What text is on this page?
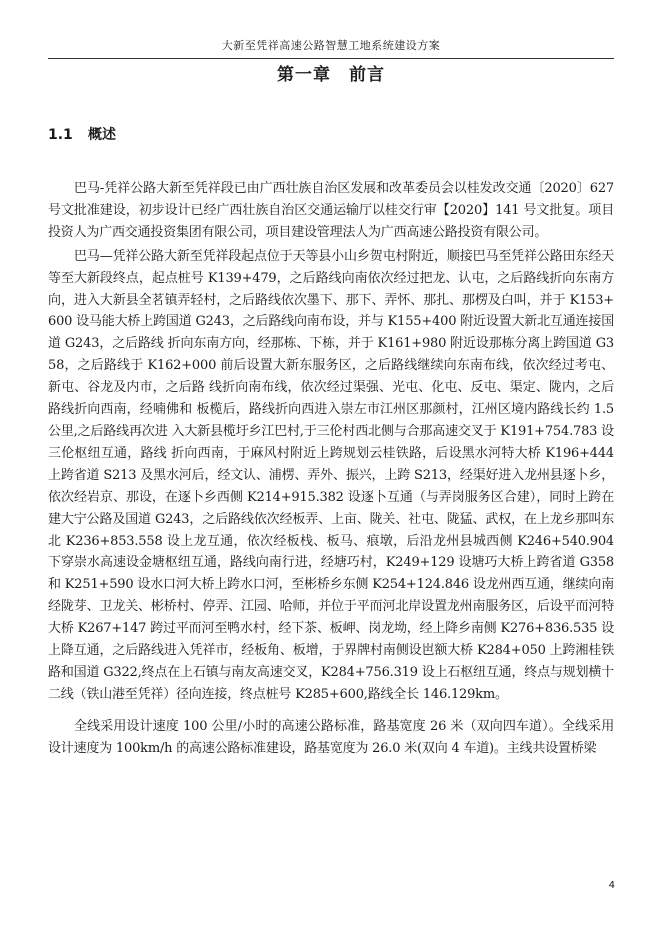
大新至凭祥高速公路智慧工地系统建设方案
第一章　前言
1.1 概述

巴马-凭祥公路大新至凭祥段已由广西壮族自治区发展和改革委员会以桂发改交通〔2020〕627 号文批准建设，初步设计已经广西壮族自治区交通运输厅以桂交行审【2020】141 号文批复。项目投资人为广西交通投资集团有限公司，项目建设管理法人为广西高速公路投资有限公司。

巴马—凭祥公路大新至凭祥段起点位于天等县小山乡贺屯村附近，顺接巴马至凭祥公路田东经天等至大新段终点，起点桩号 K139+479，之后路线向南依次经过把龙、认屯，之后路线折向东南方向，进入大新县全茗镇弄轻村，之后路线依次墨下、那下、弄怀、那扎、那楞及白叫，并于 K153+600 设马能大桥上跨国道 G243，之后路线向南布设，并与 K155+400 附近设置大新北互通连接国道 G243，之后路线 折向东南方向，经那栋、下栋，并于 K161+980 附近设那栋分离上跨国道 G358，之后路线于 K162+000 前后设置大新东服务区，之后路线继续向东南布线，依次经过考屯、新屯、谷龙及内市，之后路 线折向南布线，依次经过渠强、光屯、化屯、反屯、渠定、陇内，之后路线折向西南，经喃佛和 板榄后，路线折向西进入崇左市江州区那颜村，江州区境内路线长约 1.5 公里,之后路线再次进 入大新县榄圩乡江巴村,于三伦村西北侧与合那高速交叉于 K191+754.783 设三伦枢纽互通，路线 折向西南，于麻风村附近上跨规划云桂铁路，后设黑水河特大桥 K196+444 上跨省道 S213 及黑水河后，经文认、浦楞、弄外、振兴，上跨 S213，经渠好进入龙州县逐卜乡，依次经岩京、那设，在逐卜乡西侧 K214+915.382 设逐卜互通（与弄岗服务区合建），同时上跨在建大宁公路及国道 G243，之后路线依次经板弄、上亩、陇关、社屯、陇猛、武权，在上龙乡那叫东北 K236+853.558 设上龙互通，依次经板栈、板马、痕墩，后沿龙州县城西侧 K246+540.904 下穿崇水高速设金塘枢纽互通，路线向南行进，经塘巧村，K249+129 设塘巧大桥上跨省道 G358 和 K251+590 设水口河大桥上跨水口河，至彬桥乡东侧 K254+124.846 设龙州西互通，继续向南经陇芽、卫龙关、彬桥村、停弄、江园、哈师，并位于平而河北岸设置龙州南服务区，后设平而河特大桥 K267+147 跨过平而河至鸭水村，经下茶、板岬、岗龙坳，经上降乡南侧 K276+836.535 设上降互通，之后路线进入凭祥市，经板角、板增，于界牌村南侧设岜额大桥 K284+050 上跨湘桂铁路和国道 G322,终点在上石镇与南友高速交叉，K284+756.319 设上石枢纽互通，终点与规划横十二线（铁山港至凭祥）径向连接，终点桩号 K285+600,路线全长 146.129km。

全线采用设计速度 100 公里/小时的高速公路标准，路基宽度 26 米（双向四车道）。全线采用设计速度为 100km/h 的高速公路标准建设，路基宽度为 26.0 米(双向 4 车道)。主线共设置桥梁

4
